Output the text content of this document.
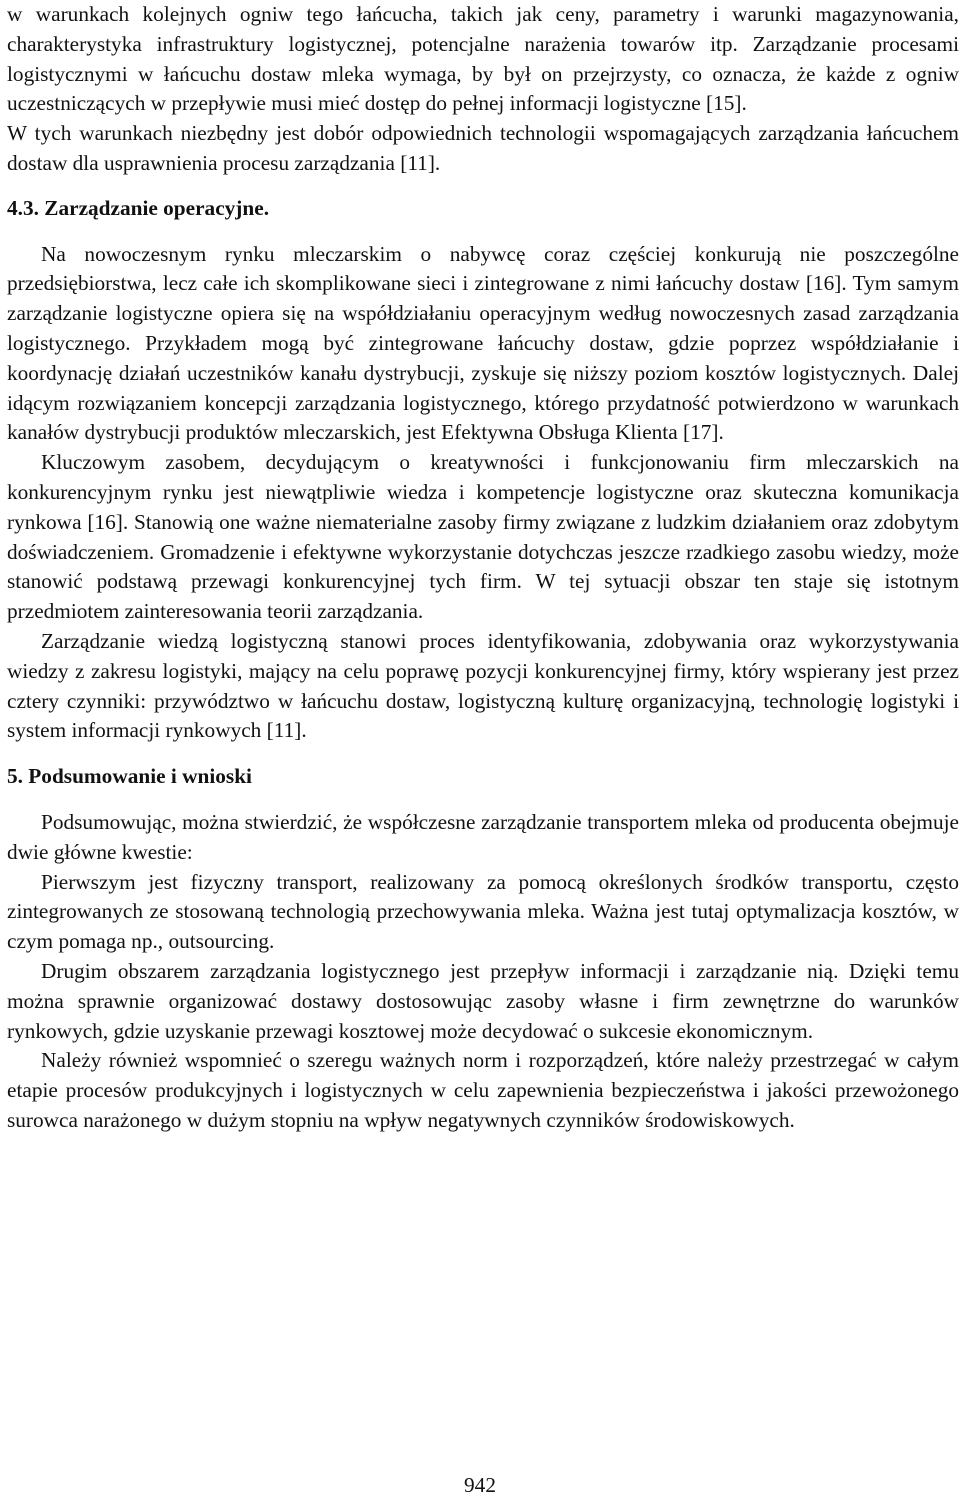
w warunkach kolejnych ogniw tego łańcucha, takich jak ceny, parametry i warunki magazynowania, charakterystyka infrastruktury logistycznej, potencjalne narażenia towarów itp. Zarządzanie procesami logistycznymi w łańcuchu dostaw mleka wymaga, by był on przejrzysty, co oznacza, że każde z ogniw uczestniczących w przepływie musi mieć dostęp do pełnej informacji logistyczne [15].

W tych warunkach niezbędny jest dobór odpowiednich technologii wspomagających zarządzania łańcuchem dostaw dla usprawnienia procesu zarządzania [11].

4.3. Zarządzanie operacyjne.

Na nowoczesnym rynku mleczarskim o nabywcę coraz częściej konkurują nie poszczególne przedsiębiorstwa, lecz całe ich skomplikowane sieci i zintegrowane z nimi łańcuchy dostaw [16]. Tym samym zarządzanie logistyczne opiera się na współdziałaniu operacyjnym według nowoczesnych zasad zarządzania logistycznego. Przykładem mogą być zintegrowane łańcuchy dostaw, gdzie poprzez współdziałanie i koordynację działań uczestników kanału dystrybucji, zyskuje się niższy poziom kosztów logistycznych. Dalej idącym rozwiązaniem koncepcji zarządzania logistycznego, którego przydatność potwierdzono w warunkach kanałów dystrybucji produktów mleczarskich, jest Efektywna Obsługa Klienta [17].

Kluczowym zasobem, decydującym o kreatywności i funkcjonowaniu firm mleczarskich na konkurencyjnym rynku jest niewątpliwie wiedza i kompetencje logistyczne oraz skuteczna komunikacja rynkowa [16]. Stanowią one ważne niematerialne zasoby firmy związane z ludzkim działaniem oraz zdobytym doświadczeniem. Gromadzenie i efektywne wykorzystanie dotychczas jeszcze rzadkiego zasobu wiedzy, może stanowić podstawą przewagi konkurencyjnej tych firm. W tej sytuacji obszar ten staje się istotnym przedmiotem zainteresowania teorii zarządzania.

Zarządzanie wiedzą logistyczną stanowi proces identyfikowania, zdobywania oraz wykorzystywania wiedzy z zakresu logistyki, mający na celu poprawę pozycji konkurencyjnej firmy, który wspierany jest przez cztery czynniki: przywództwo w łańcuchu dostaw, logistyczną kulturę organizacyjną, technologię logistyki i system informacji rynkowych [11].

5. Podsumowanie i wnioski

Podsumowując, można stwierdzić, że współczesne zarządzanie transportem mleka od producenta obejmuje dwie główne kwestie:

Pierwszym jest fizyczny transport, realizowany za pomocą określonych środków transportu, często zintegrowanych ze stosowaną technologią przechowywania mleka. Ważna jest tutaj optymalizacja kosztów, w czym pomaga np., outsourcing.

Drugim obszarem zarządzania logistycznego jest przepływ informacji i zarządzanie nią. Dzięki temu można sprawnie organizować dostawy dostosowując zasoby własne i firm zewnętrzne do warunków rynkowych, gdzie uzyskanie przewagi kosztowej może decydować o sukcesie ekonomicznym.

Należy również wspomnieć o szeregu ważnych norm i rozporządzeń, które należy przestrzegać w całym etapie procesów produkcyjnych i logistycznych w celu zapewnienia bezpieczeństwa i jakości przewożonego surowca narażonego w dużym stopniu na wpływ negatywnych czynników środowiskowych.

942
